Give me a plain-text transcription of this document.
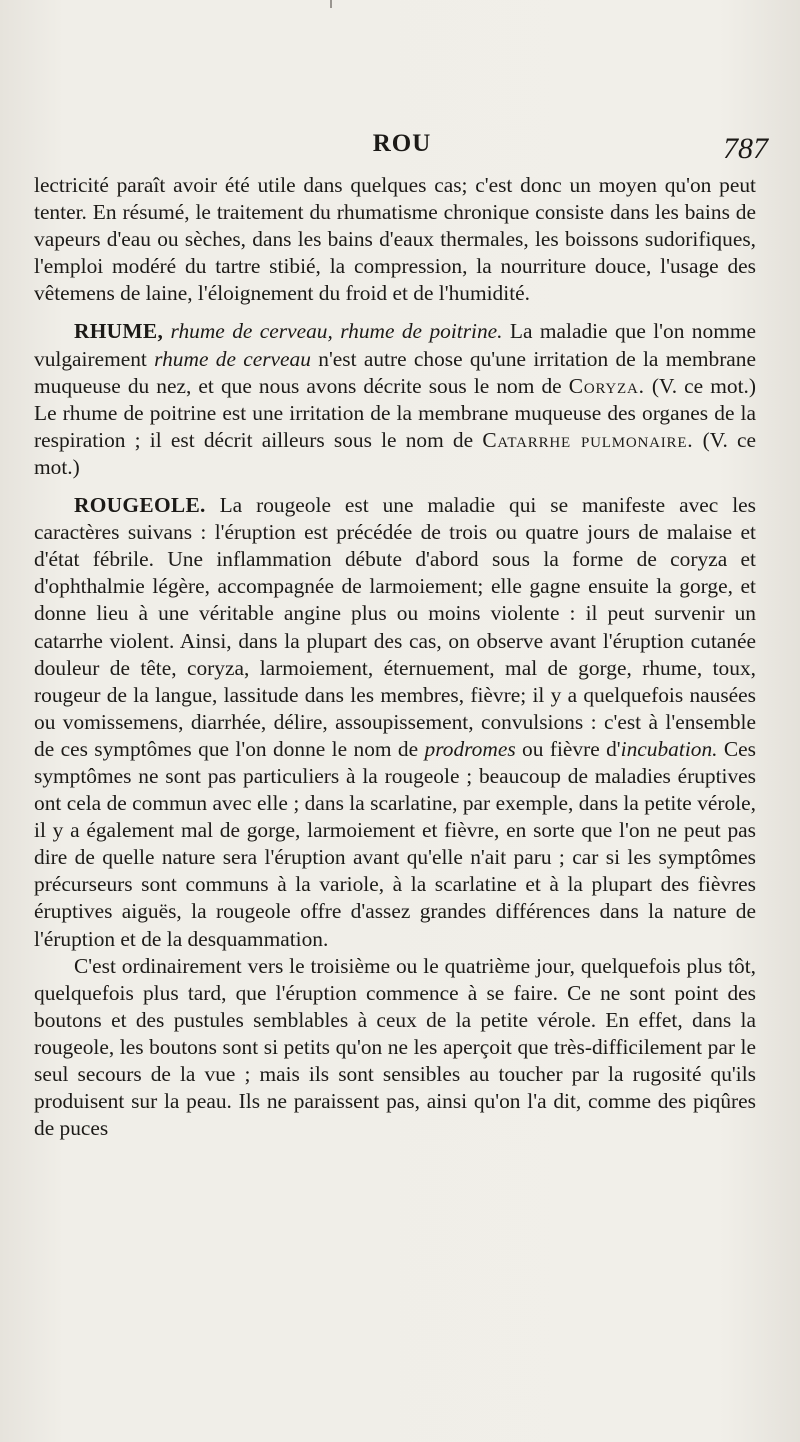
ROU	787

lectricité paraît avoir été utile dans quelques cas; c'est donc un moyen qu'on peut tenter. En résumé, le traitement du rhumatisme chronique consiste dans les bains de vapeurs d'eau ou sèches, dans les bains d'eaux thermales, les boissons sudorifiques, l'emploi modéré du tartre stibié, la compression, la nourriture douce, l'usage des vêtemens de laine, l'éloignement du froid et de l'humidité.

RHUME, rhume de cerveau, rhume de poitrine. La maladie que l'on nomme vulgairement rhume de cerveau n'est autre chose qu'une irritation de la membrane muqueuse du nez, et que nous avons décrite sous le nom de Coryza. (V. ce mot.) Le rhume de poitrine est une irritation de la membrane muqueuse des organes de la respiration ; il est décrit ailleurs sous le nom de Catarrhe pulmonaire. (V. ce mot.)

ROUGEOLE. La rougeole est une maladie qui se manifeste avec les caractères suivans : l'éruption est précédée de trois ou quatre jours de malaise et d'état fébrile. Une inflammation débute d'abord sous la forme de coryza et d'ophthalmie légère, accompagnée de larmoiement; elle gagne ensuite la gorge, et donne lieu à une véritable angine plus ou moins violente : il peut survenir un catarrhe violent. Ainsi, dans la plupart des cas, on observe avant l'éruption cutanée douleur de tête, coryza, larmoiement, éternuement, mal de gorge, rhume, toux, rougeur de la langue, lassitude dans les membres, fièvre; il y a quelquefois nausées ou vomissemens, diarrhée, délire, assoupissement, convulsions : c'est à l'ensemble de ces symptômes que l'on donne le nom de prodromes ou fièvre d'incubation. Ces symptômes ne sont pas particuliers à la rougeole ; beaucoup de maladies éruptives ont cela de commun avec elle ; dans la scarlatine, par exemple, dans la petite vérole, il y a également mal de gorge, larmoiement et fièvre, en sorte que l'on ne peut pas dire de quelle nature sera l'éruption avant qu'elle n'ait paru ; car si les symptômes précurseurs sont communs à la variole, à la scarlatine et à la plupart des fièvres éruptives aiguës, la rougeole offre d'assez grandes différences dans la nature de l'éruption et de la desquammation.

C'est ordinairement vers le troisième ou le quatrième jour, quelquefois plus tôt, quelquefois plus tard, que l'éruption commence à se faire. Ce ne sont point des boutons et des pustules semblables à ceux de la petite vérole. En effet, dans la rougeole, les boutons sont si petits qu'on ne les aperçoit que très-difficilement par le seul secours de la vue ; mais ils sont sensibles au toucher par la rugosité qu'ils produisent sur la peau. Ils ne paraissent pas, ainsi qu'on l'a dit, comme des piqûres de puces
